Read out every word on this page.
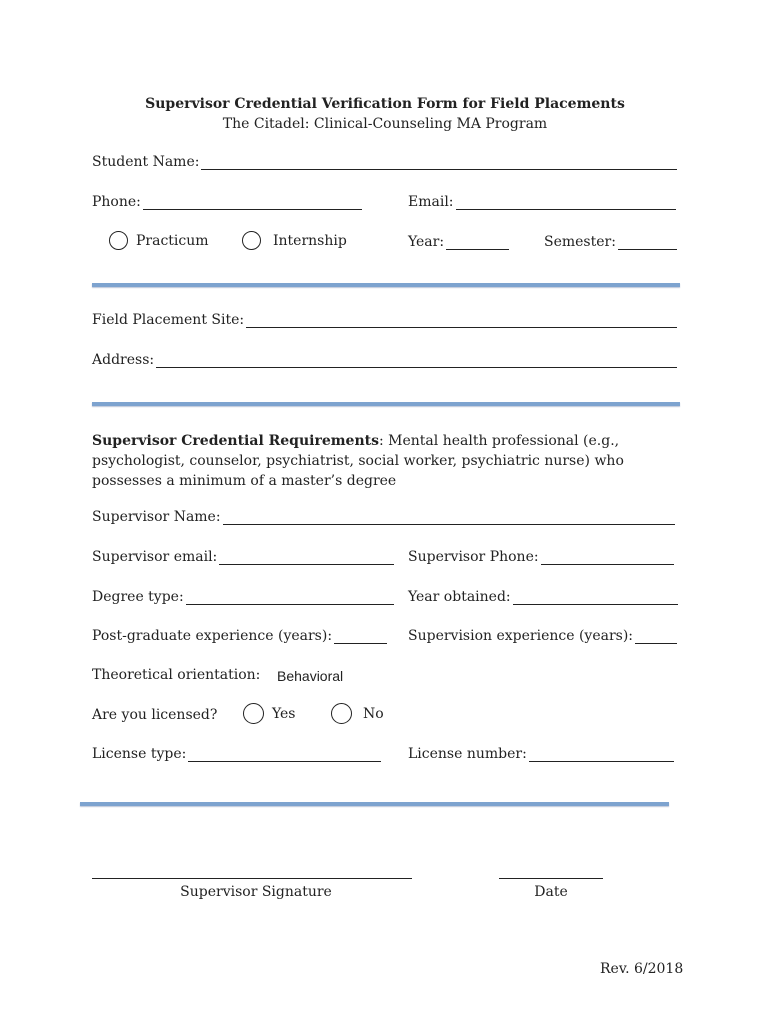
Supervisor Credential Verification Form for Field Placements
The Citadel: Clinical-Counseling MA Program
Student Name:
Phone:	Email:
Practicum	Internship	Year:	Semester:
Field Placement Site:
Address:
Supervisor Credential Requirements: Mental health professional (e.g., psychologist, counselor, psychiatrist, social worker, psychiatric nurse) who possesses a minimum of a master’s degree
Supervisor Name:
Supervisor email:	Supervisor Phone:
Degree type:	Year obtained:
Post-graduate experience (years):	Supervision experience (years):
Theoretical orientation: Behavioral
Are you licensed?	Yes	No
License type:	License number:
Supervisor Signature	Date
Rev. 6/2018
